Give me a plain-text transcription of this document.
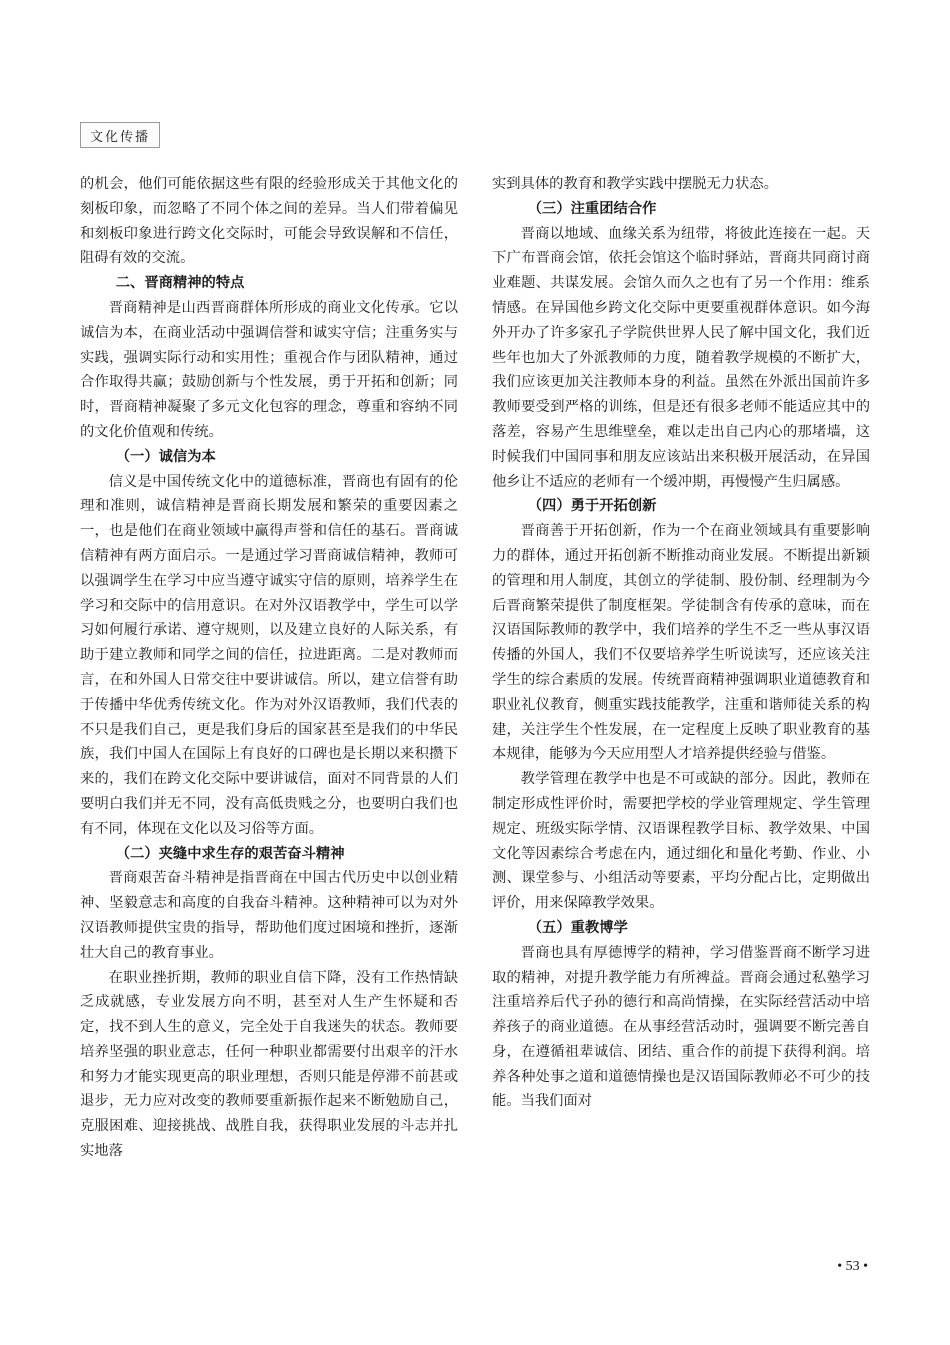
文化传播

的机会，他们可能依据这些有限的经验形成关于其他文化的刻板印象，而忽略了不同个体之间的差异。当人们带着偏见和刻板印象进行跨文化交际时，可能会导致误解和不信任，阻碍有效的交流。

二、晋商精神的特点

晋商精神是山西晋商群体所形成的商业文化传承。它以诚信为本，在商业活动中强调信誉和诚实守信；注重务实与实践，强调实际行动和实用性；重视合作与团队精神，通过合作取得共赢；鼓励创新与个性发展，勇于开拓和创新；同时，晋商精神凝聚了多元文化包容的理念，尊重和容纳不同的文化价值观和传统。

（一）诚信为本

信义是中国传统文化中的道德标准，晋商也有固有的伦理和准则，诚信精神是晋商长期发展和繁荣的重要因素之一，也是他们在商业领域中赢得声誉和信任的基石。晋商诚信精神有两方面启示。一是通过学习晋商诚信精神，教师可以强调学生在学习中应当遵守诚实守信的原则，培养学生在学习和交际中的信用意识。在对外汉语教学中，学生可以学习如何履行承诺、遵守规则，以及建立良好的人际关系，有助于建立教师和同学之间的信任，拉进距离。二是对教师而言，在和外国人日常交往中要讲诚信。所以，建立信誉有助于传播中华优秀传统文化。作为对外汉语教师，我们代表的不只是我们自己，更是我们身后的国家甚至是我们的中华民族，我们中国人在国际上有良好的口碑也是长期以来积攒下来的，我们在跨文化交际中要讲诚信，面对不同背景的人们要明白我们并无不同，没有高低贵贱之分，也要明白我们也有不同，体现在文化以及习俗等方面。

（二）夹缝中求生存的艰苦奋斗精神

晋商艰苦奋斗精神是指晋商在中国古代历史中以创业精神、坚毅意志和高度的自我奋斗精神。这种精神可以为对外汉语教师提供宝贵的指导，帮助他们度过困境和挫折，逐渐壮大自己的教育事业。

在职业挫折期，教师的职业自信下降，没有工作热情缺乏成就感，专业发展方向不明，甚至对人生产生怀疑和否定，找不到人生的意义，完全处于自我迷失的状态。教师要培养坚强的职业意志，任何一种职业都需要付出艰辛的汗水和努力才能实现更高的职业理想，否则只能是停滞不前甚或退步，无力应对改变的教师要重新振作起来不断勉励自己，克服困难、迎接挑战、战胜自我，获得职业发展的斗志并扎实地落

实到具体的教育和教学实践中摆脱无力状态。

（三）注重团结合作

晋商以地域、血缘关系为纽带，将彼此连接在一起。天下广布晋商会馆，依托会馆这个临时驿站，晋商共同商讨商业难题、共谋发展。会馆久而久之也有了另一个作用：维系情感。在异国他乡跨文化交际中更要重视群体意识。如今海外开办了许多家孔子学院供世界人民了解中国文化，我们近些年也加大了外派教师的力度，随着教学规模的不断扩大，我们应该更加关注教师本身的利益。虽然在外派出国前许多教师要受到严格的训练，但是还有很多老师不能适应其中的落差，容易产生思维壁垒，难以走出自己内心的那堵墙，这时候我们中国同事和朋友应该站出来积极开展活动，在异国他乡让不适应的老师有一个缓冲期，再慢慢产生归属感。

（四）勇于开拓创新

晋商善于开拓创新，作为一个在商业领域具有重要影响力的群体，通过开拓创新不断推动商业发展。不断提出新颖的管理和用人制度，其创立的学徒制、股份制、经理制为今后晋商繁荣提供了制度框架。学徒制含有传承的意味，而在汉语国际教师的教学中，我们培养的学生不乏一些从事汉语传播的外国人，我们不仅要培养学生听说读写，还应该关注学生的综合素质的发展。传统晋商精神强调职业道德教育和职业礼仪教育，侧重实践技能教学，注重和谐师徒关系的构建，关注学生个性发展，在一定程度上反映了职业教育的基本规律，能够为今天应用型人才培养提供经验与借鉴。

教学管理在教学中也是不可或缺的部分。因此，教师在制定形成性评价时，需要把学校的学业管理规定、学生管理规定、班级实际学情、汉语课程教学目标、教学效果、中国文化等因素综合考虑在内，通过细化和量化考勤、作业、小测、课堂参与、小组活动等要素，平均分配占比，定期做出评价，用来保障教学效果。

（五）重教博学

晋商也具有厚德博学的精神，学习借鉴晋商不断学习进取的精神，对提升教学能力有所裨益。晋商会通过私塾学习注重培养后代子孙的德行和高尚情操，在实际经营活动中培养孩子的商业道德。在从事经营活动时，强调要不断完善自身，在遵循祖辈诚信、团结、重合作的前提下获得利润。培养各种处事之道和道德情操也是汉语国际教师必不可少的技能。当我们面对

• 53 •
